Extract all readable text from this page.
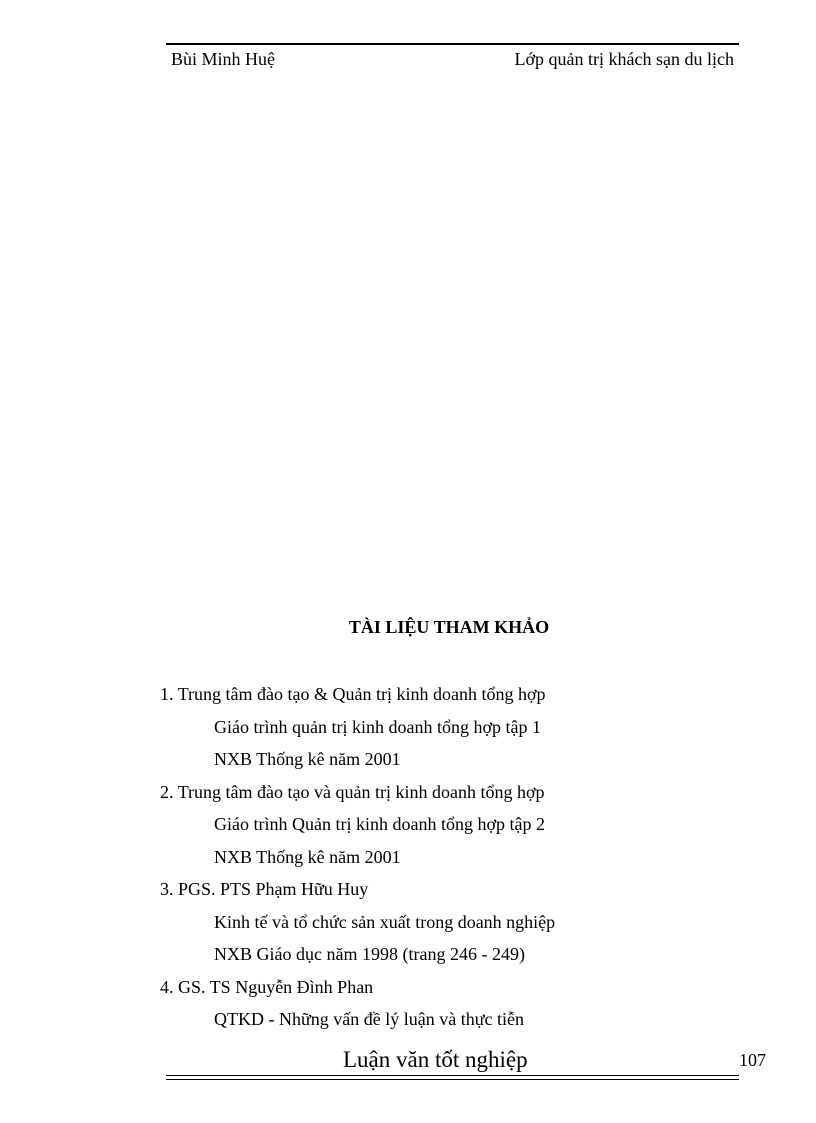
Bùi Minh Huệ	Lớp quản trị khách sạn du lịch
TÀI LIỆU THAM KHẢO
1. Trung tâm đào tạo & Quản trị kinh doanh tổng hợp
Giáo trình quản trị kinh doanh tổng hợp tập 1
NXB Thống kê năm 2001
2. Trung tâm đào tạo và quản trị kinh doanh tổng hợp
Giáo trình Quản trị kinh doanh tổng hợp tập 2
NXB Thống kê năm 2001
3. PGS. PTS Phạm Hữu Huy
Kinh tế và tổ chức sản xuất trong doanh nghiệp
NXB Giáo dục năm 1998 (trang 246 - 249)
4. GS. TS Nguyễn Đình Phan
QTKD - Những vấn đề lý luận và thực tiễn
Luận văn tốt nghiệp	107
